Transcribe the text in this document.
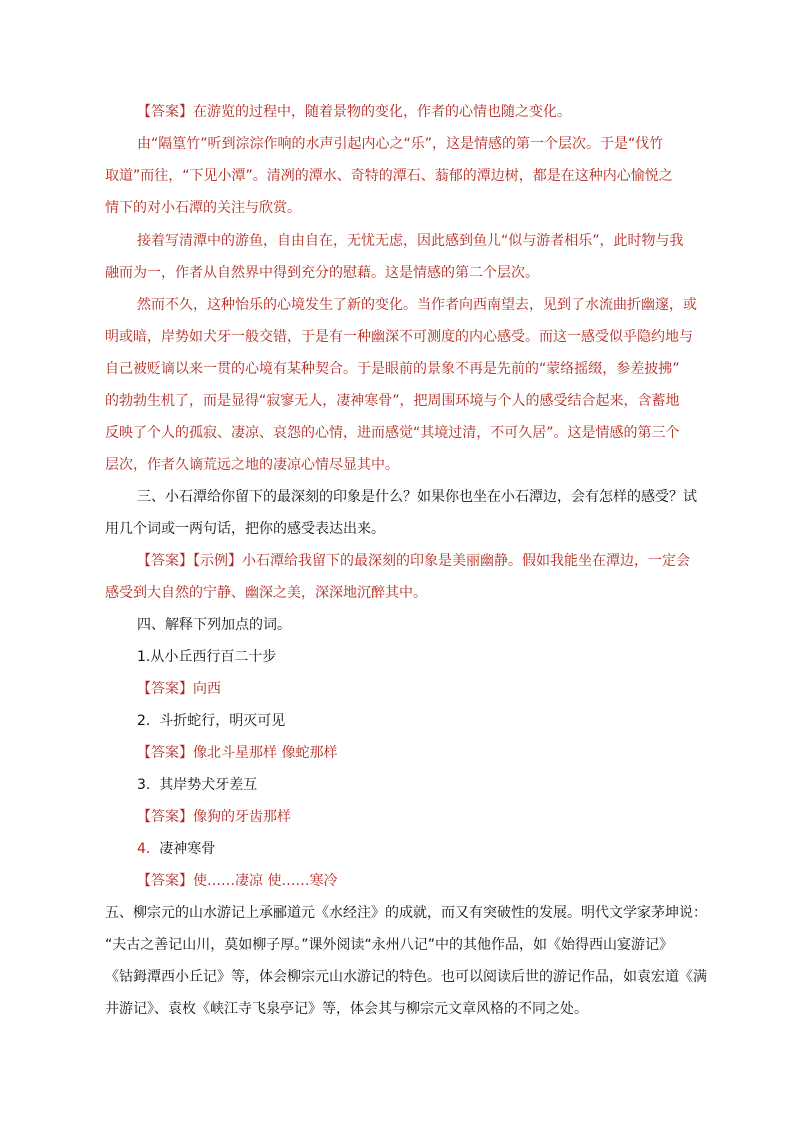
【答案】在游览的过程中，随着景物的变化，作者的心情也随之变化。
由“隔篁竹”听到淙淙作响的水声引起内心之“乐”，这是情感的第一个层次。于是“伐竹
取道”而往，“下见小潭”。清冽的潭水、奇特的潭石、蓊郁的潭边树，都是在这种内心愉悦之
情下的对小石潭的关注与欣赏。
接着写清潭中的游鱼，自由自在，无忧无虑，因此感到鱼儿“似与游者相乐”，此时物与我
融而为一，作者从自然界中得到充分的慰藉。这是情感的第二个层次。
然而不久，这种怡乐的心境发生了新的变化。当作者向西南望去，见到了水流曲折幽邃，或
明或暗，岸势如犬牙一般交错，于是有一种幽深不可测度的内心感受。而这一感受似乎隐约地与
自己被贬谪以来一贯的心境有某种契合。于是眼前的景象不再是先前的“蒙络摇缀，参差披拂”
的勃勃生机了，而是显得“寂寥无人，凄神寒骨”，把周围环境与个人的感受结合起来，含蓄地
反映了个人的孤寂、凄凉、哀怨的心情，进而感觉“其境过清，不可久居”。这是情感的第三个
层次，作者久谪荒远之地的凄凉心情尽显其中。
三、小石潭给你留下的最深刻的印象是什么？如果你也坐在小石潭边，会有怎样的感受？试
用几个词或一两句话，把你的感受表达出来。
【答案】【示例】小石潭给我留下的最深刻的印象是美丽幽静。假如我能坐在潭边，一定会
感受到大自然的宁静、幽深之美，深深地沉醉其中。
四、解释下列加点的词。
1.从小丘西行百二十步
【答案】向西
2.  斗折蛇行，明灭可见
【答案】像北斗星那样 像蛇那样
3.  其岸势犬牙差互
【答案】像狗的牙齿那样
4.  凄神寒骨
【答案】使……凄凉 使……寒冷
五、柳宗元的山水游记上承郦道元《水经注》的成就，而又有突破性的发展。明代文学家茅坤说：
“夫古之善记山川，莫如柳子厚。”课外阅读“永州八记”中的其他作品，如《始得西山宴游记》
《钴鉧潭西小丘记》等，体会柳宗元山水游记的特色。也可以阅读后世的游记作品，如袁宏道《满
井游记》、袁枚《峡江寺飞泉亭记》等，体会其与柳宗元文章风格的不同之处。
